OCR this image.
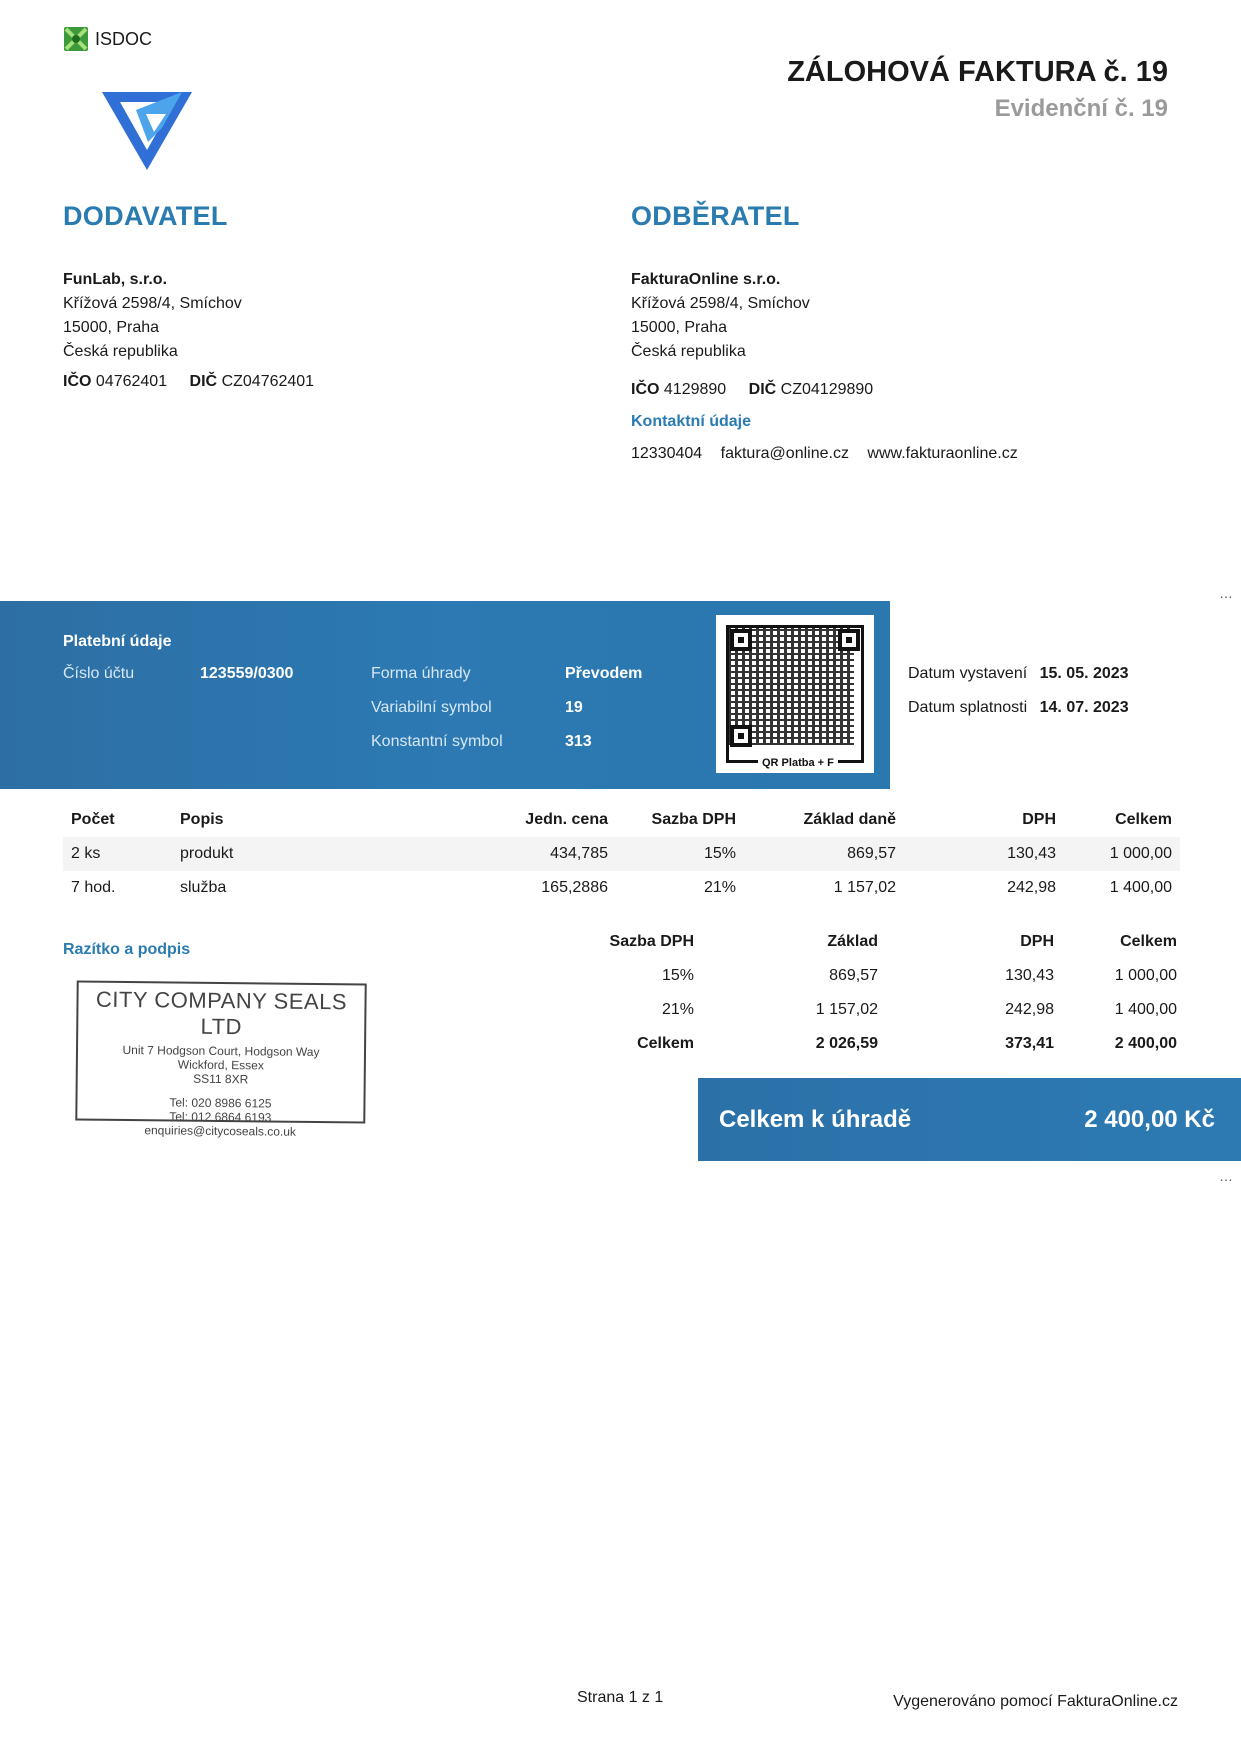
ISDOC
ZÁLOHOVÁ FAKTURA č. 19
Evidenční č. 19
DODAVATEL
FunLab, s.r.o.
Křížová 2598/4, Smíchov
15000, Praha
Česká republika
IČO 04762401 DIČ CZ04762401
ODBĚRATEL
FakturaOnline s.r.o.
Křížová 2598/4, Smíchov
15000, Praha
Česká republika
IČO 4129890 DIČ CZ04129890
Kontaktní údaje
12330404 faktura@online.cz www.fakturaonline.cz
…
Platební údaje
Číslo účtu	123559/0300	Forma úhrady	Převodem
Variabilní symbol	19
Konstantní symbol	313
QR Platba + F
Datum vystavení 15. 05. 2023
Datum splatnosti 14. 07. 2023
Počet	Popis	Jedn. cena	Sazba DPH	Základ daně	DPH	Celkem
2 ks	produkt	434,785	15%	869,57	130,43	1 000,00
7 hod.	služba	165,2886	21%	1 157,02	242,98	1 400,00
Razítko a podpis
CITY COMPANY SEALS LTD
Unit 7 Hodgson Court, Hodgson Way
Wickford, Essex
SS11 8XR
Tel: 020 8986 6125
Tel: 012 6864 6193
enquiries@citycoseals.co.uk
Sazba DPH	Základ	DPH	Celkem
15%	869,57	130,43	1 000,00
21%	1 157,02	242,98	1 400,00
Celkem	2 026,59	373,41	2 400,00
Celkem k úhradě	2 400,00 Kč
…
Strana 1 z 1	Vygenerováno pomocí FakturaOnline.cz
